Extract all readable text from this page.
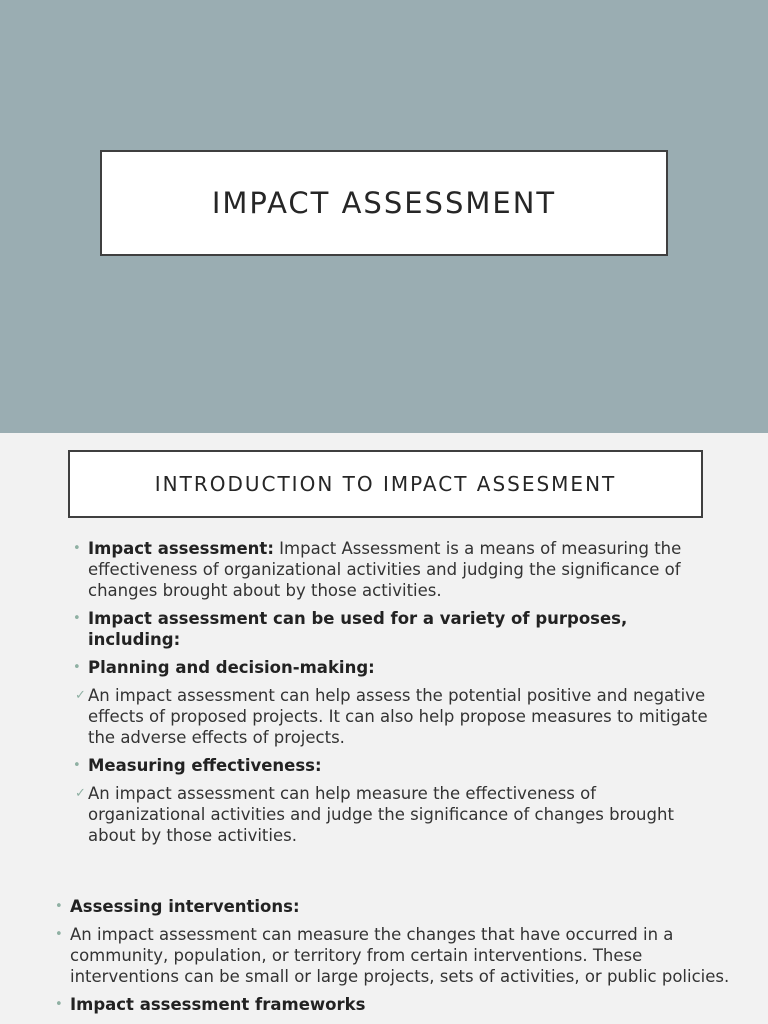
IMPACT ASSESSMENT
INTRODUCTION TO IMPACT ASSESMENT
• Impact assessment: Impact Assessment is a means of measuring the effectiveness of organizational activities and judging the significance of changes brought about by those activities.
• Impact assessment can be used for a variety of purposes, including:
• Planning and decision-making:
✓ An impact assessment can help assess the potential positive and negative effects of proposed projects. It can also help propose measures to mitigate the adverse effects of projects.
• Measuring effectiveness:
✓ An impact assessment can help measure the effectiveness of organizational activities and judge the significance of changes brought about by those activities.
• Assessing interventions:
• An impact assessment can measure the changes that have occurred in a community, population, or territory from certain interventions. These interventions can be small or large projects, sets of activities, or public policies.
• Impact assessment frameworks
